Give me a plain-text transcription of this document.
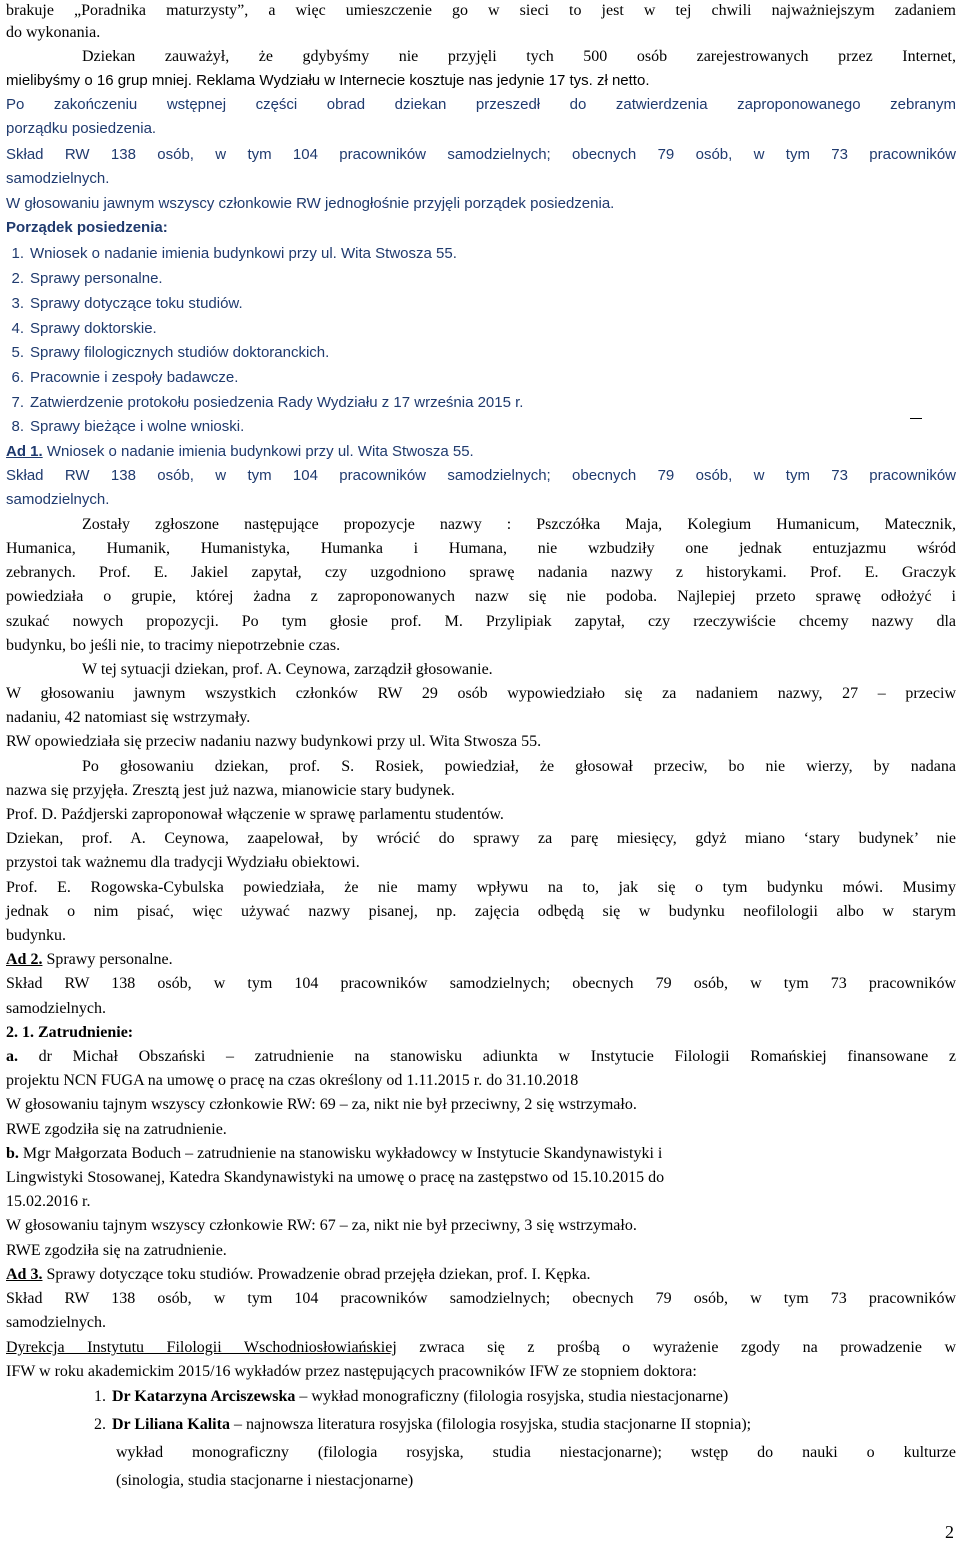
brakuje „Poradnika maturzysty”, a więc umieszczenie go w sieci to jest w tej chwili najważniejszym zadaniem
do wykonania.
Dziekan zauważył, że gdybyśmy nie przyjęli tych 500 osób zarejestrowanych przez Internet,
mielibyśmy o 16 grup mniej. Reklama Wydziału w Internecie kosztuje nas jedynie 17 tys. zł netto.
Po zakończeniu wstępnej części obrad dziekan przeszedł do zatwierdzenia zaproponowanego zebranym
porządku posiedzenia.
Skład RW 138 osób, w tym 104 pracowników samodzielnych; obecnych 79 osób, w tym 73 pracowników
samodzielnych.
W głosowaniu jawnym wszyscy członkowie RW jednogłośnie przyjęli porządek posiedzenia.
Porządek posiedzenia:
1. Wniosek o nadanie imienia budynkowi przy ul. Wita Stwosza 55.
2. Sprawy personalne.
3. Sprawy dotyczące toku studiów.
4. Sprawy doktorskie.
5. Sprawy filologicznych studiów doktoranckich.
6. Pracownie i zespoły badawcze.
7. Zatwierdzenie protokołu posiedzenia Rady Wydziału z 17 września 2015 r.
8. Sprawy bieżące i wolne wnioski.
Ad 1. Wniosek o nadanie imienia budynkowi przy ul. Wita Stwosza 55.
Skład RW 138 osób, w tym 104 pracowników samodzielnych; obecnych 79 osób, w tym 73 pracowników
samodzielnych.
Zostały zgłoszone następujące propozycje nazwy : Pszczółka Maja, Kolegium Humanicum, Matecznik,
Humanica, Humanik, Humanistyka, Humanka i Humana, nie wzbudziły one jednak entuzjazmu wśród
zebranych. Prof. E. Jakiel zapytał, czy uzgodniono sprawę nadania nazwy z historykami. Prof. E. Graczyk
powiedziała o grupie, której żadna z zaproponowanych nazw się nie podoba. Najlepiej przeto sprawę odłożyć i
szukać nowych propozycji. Po tym głosie prof. M. Przylipiak zapytał, czy rzeczywiście chcemy nazwy dla
budynku, bo jeśli nie, to tracimy niepotrzebnie czas.
W tej sytuacji dziekan, prof. A. Ceynowa, zarządził głosowanie.
W głosowaniu jawnym wszystkich członków RW 29 osób wypowiedziało się za nadaniem nazwy, 27 – przeciw
nadaniu, 42 natomiast się wstrzymały.
RW opowiedziała się przeciw nadaniu nazwy budynkowi przy ul. Wita Stwosza 55.
Po głosowaniu dziekan, prof. S. Rosiek, powiedział, że głosował przeciw, bo nie wierzy, by nadana
nazwa się przyjęła. Zresztą jest już nazwa, mianowicie stary budynek.
Prof. D. Paźdjerski zaproponował włączenie w sprawę parlamentu studentów.
Dziekan, prof. A. Ceynowa, zaapelował, by wrócić do sprawy za parę miesięcy, gdyż miano ‘stary budynek’ nie
przystoi tak ważnemu dla tradycji Wydziału obiektowi.
Prof. E. Rogowska-Cybulska powiedziała, że nie mamy wpływu na to, jak się o tym budynku mówi. Musimy
jednak o nim pisać, więc używać nazwy pisanej, np. zajęcia odbędą się w budynku neofilologii albo w starym
budynku.
Ad 2. Sprawy personalne.
Skład RW 138 osób, w tym 104 pracowników samodzielnych; obecnych 79 osób, w tym 73 pracowników
samodzielnych.
2. 1. Zatrudnienie:
a. dr Michał Obszański – zatrudnienie na stanowisku adiunkta w Instytucie Filologii Romańskiej finansowane z
projektu NCN FUGA na umowę o pracę na czas określony od 1.11.2015 r. do 31.10.2018
W głosowaniu tajnym wszyscy członkowie RW: 69 – za, nikt nie był przeciwny, 2 się wstrzymało.
RWE zgodziła się na zatrudnienie.
b. Mgr Małgorzata Boduch – zatrudnienie na stanowisku wykładowcy w Instytucie Skandynawistyki i
Lingwistyki Stosowanej, Katedra Skandynawistyki na umowę o pracę na zastępstwo od 15.10.2015 do
15.02.2016 r.
W głosowaniu tajnym wszyscy członkowie RW: 67 – za, nikt nie był przeciwny, 3 się wstrzymało.
RWE zgodziła się na zatrudnienie.
Ad 3. Sprawy dotyczące toku studiów. Prowadzenie obrad przejęła dziekan, prof. I. Kępka.
Skład RW 138 osób, w tym 104 pracowników samodzielnych; obecnych 79 osób, w tym 73 pracowników
samodzielnych.
Dyrekcja Instytutu Filologii Wschodniosłowiańskiej zwraca się z prośbą o wyrażenie zgody na prowadzenie w
IFW w roku akademickim 2015/16 wykładów przez następujących pracowników IFW ze stopniem doktora:
1. Dr Katarzyna Arciszewska – wykład monograficzny (filologia rosyjska, studia niestacjonarne)
2. Dr Liliana Kalita – najnowsza literatura rosyjska (filologia rosyjska, studia stacjonarne II stopnia);
wykład monograficzny (filologia rosyjska, studia niestacjonarne); wstęp do nauki o kulturze
(sinologia, studia stacjonarne i niestacjonarne)
2
